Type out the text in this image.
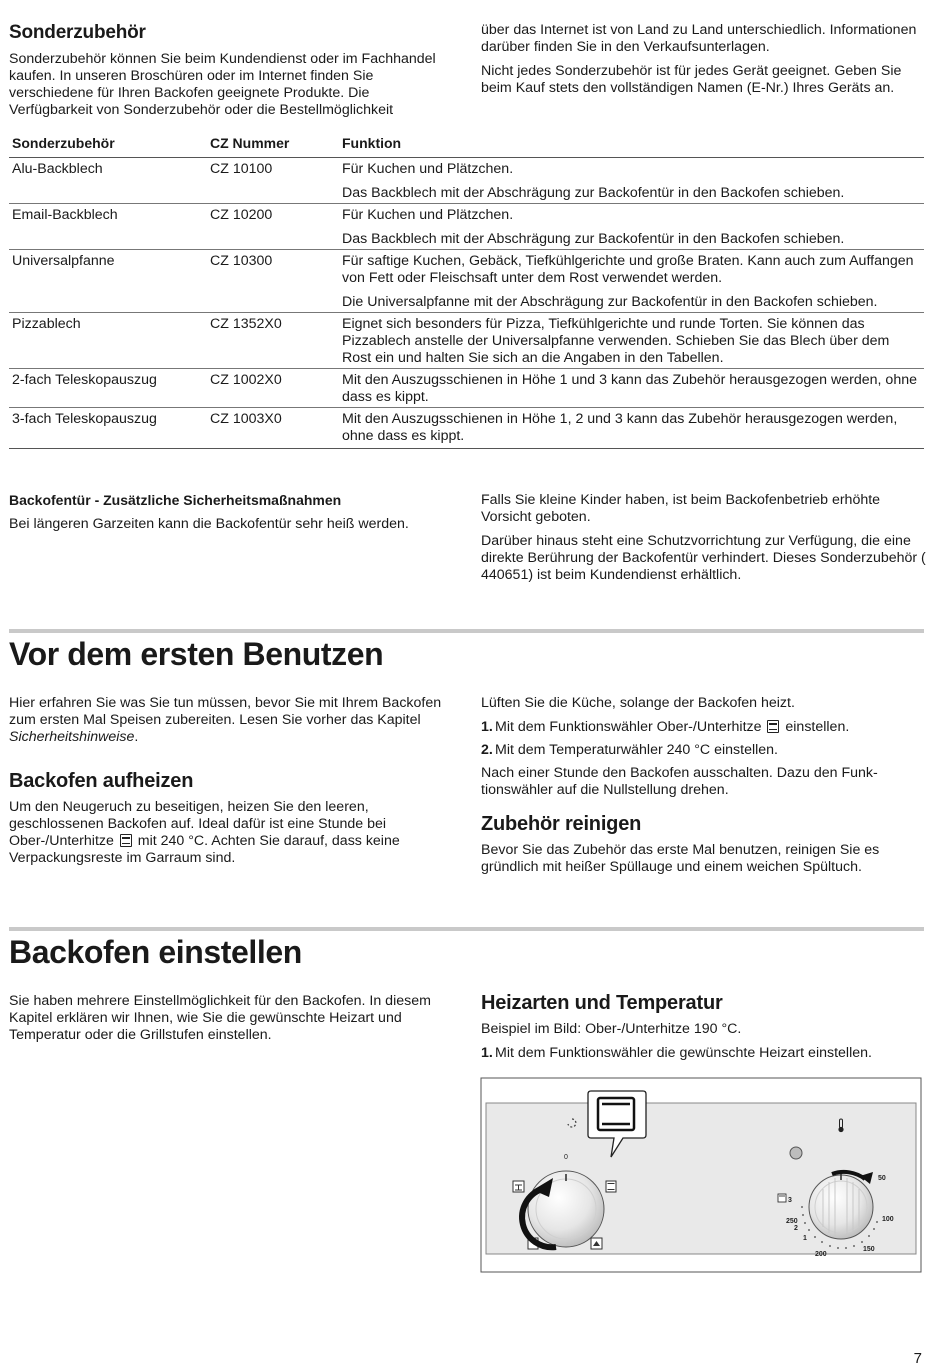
Sonderzubehör

Sonderzubehör können Sie beim Kundendienst oder im Fachhandel kaufen. In unseren Broschüren oder im Internet finden Sie verschiedene für Ihren Backofen geeignete Produkte. Die Verfügbarkeit von Sonderzubehör oder die Bestellmöglichkeit

über das Internet ist von Land zu Land unterschiedlich. Informationen darüber finden Sie in den Verkaufsunterlagen.

Nicht jedes Sonderzubehör ist für jedes Gerät geeignet. Geben Sie beim Kauf stets den vollständigen Namen (E-Nr.) Ihres Geräts an.

Sonderzubehör	CZ Nummer	Funktion
Alu-Backblech	CZ 10100	Für Kuchen und Plätzchen.
		Das Backblech mit der Abschrägung zur Backofentür in den Backofen schieben.
Email-Backblech	CZ 10200	Für Kuchen und Plätzchen.
		Das Backblech mit der Abschrägung zur Backofentür in den Backofen schieben.
Universalpfanne	CZ 10300	Für saftige Kuchen, Gebäck, Tiefkühlgerichte und große Braten. Kann auch zum Auffangen von Fett oder Fleischsaft unter dem Rost verwendet werden.
		Die Universalpfanne mit der Abschrägung zur Backofentür in den Backofen schieben.
Pizzablech	CZ 1352X0	Eignet sich besonders für Pizza, Tiefkühlgerichte und runde Torten. Sie können das Pizzablech anstelle der Universalpfanne verwenden. Schieben Sie das Blech über dem Rost ein und halten Sie sich an die Angaben in den Tabellen.
2-fach Teleskopauszug	CZ 1002X0	Mit den Auszugsschienen in Höhe 1 und 3 kann das Zubehör herausgezogen werden, ohne dass es kippt.
3-fach Teleskopauszug	CZ 1003X0	Mit den Auszugsschienen in Höhe 1, 2 und 3 kann das Zubehör herausgezogen werden, ohne dass es kippt.

Backofentür - Zusätzliche Sicherheitsmaßnahmen

Bei längeren Garzeiten kann die Backofentür sehr heiß werden.

Falls Sie kleine Kinder haben, ist beim Backofenbetrieb erhöhte Vorsicht geboten.

Darüber hinaus steht eine Schutzvorrichtung zur Verfügung, die eine direkte Berührung der Backofentür verhindert. Dieses Sonderzubehör ( 440651) ist beim Kundendienst erhältlich.

Vor dem ersten Benutzen

Hier erfahren Sie was Sie tun müssen, bevor Sie mit Ihrem Backofen zum ersten Mal Speisen zubereiten. Lesen Sie vorher das Kapitel Sicherheitshinweise.

Backofen aufheizen

Um den Neugeruch zu beseitigen, heizen Sie den leeren, geschlossenen Backofen auf. Ideal dafür ist eine Stunde bei Ober-/Unterhitze  mit 240 °C. Achten Sie darauf, dass keine Verpackungsreste im Garraum sind.

Lüften Sie die Küche, solange der Backofen heizt.

1. Mit dem Funktionswähler Ober-/Unterhitze  einstellen.
2. Mit dem Temperaturwähler 240 °C einstellen.

Nach einer Stunde den Backofen ausschalten. Dazu den Funktionswähler auf die Nullstellung drehen.

Zubehör reinigen

Bevor Sie das Zubehör das erste Mal benutzen, reinigen Sie es gründlich mit heißer Spüllauge und einem weichen Spültuch.

Backofen einstellen

Sie haben mehrere Einstellmöglichkeit für den Backofen. In diesem Kapitel erklären wir Ihnen, wie Sie die gewünschte Heizart und Temperatur oder die Grillstufen einstellen.

Heizarten und Temperatur

Beispiel im Bild: Ober-/Unterhitze 190 °C.

1. Mit dem Funktionswähler die gewünschte Heizart einstellen.
0
50
100
150
200
250
3
2
1
7
